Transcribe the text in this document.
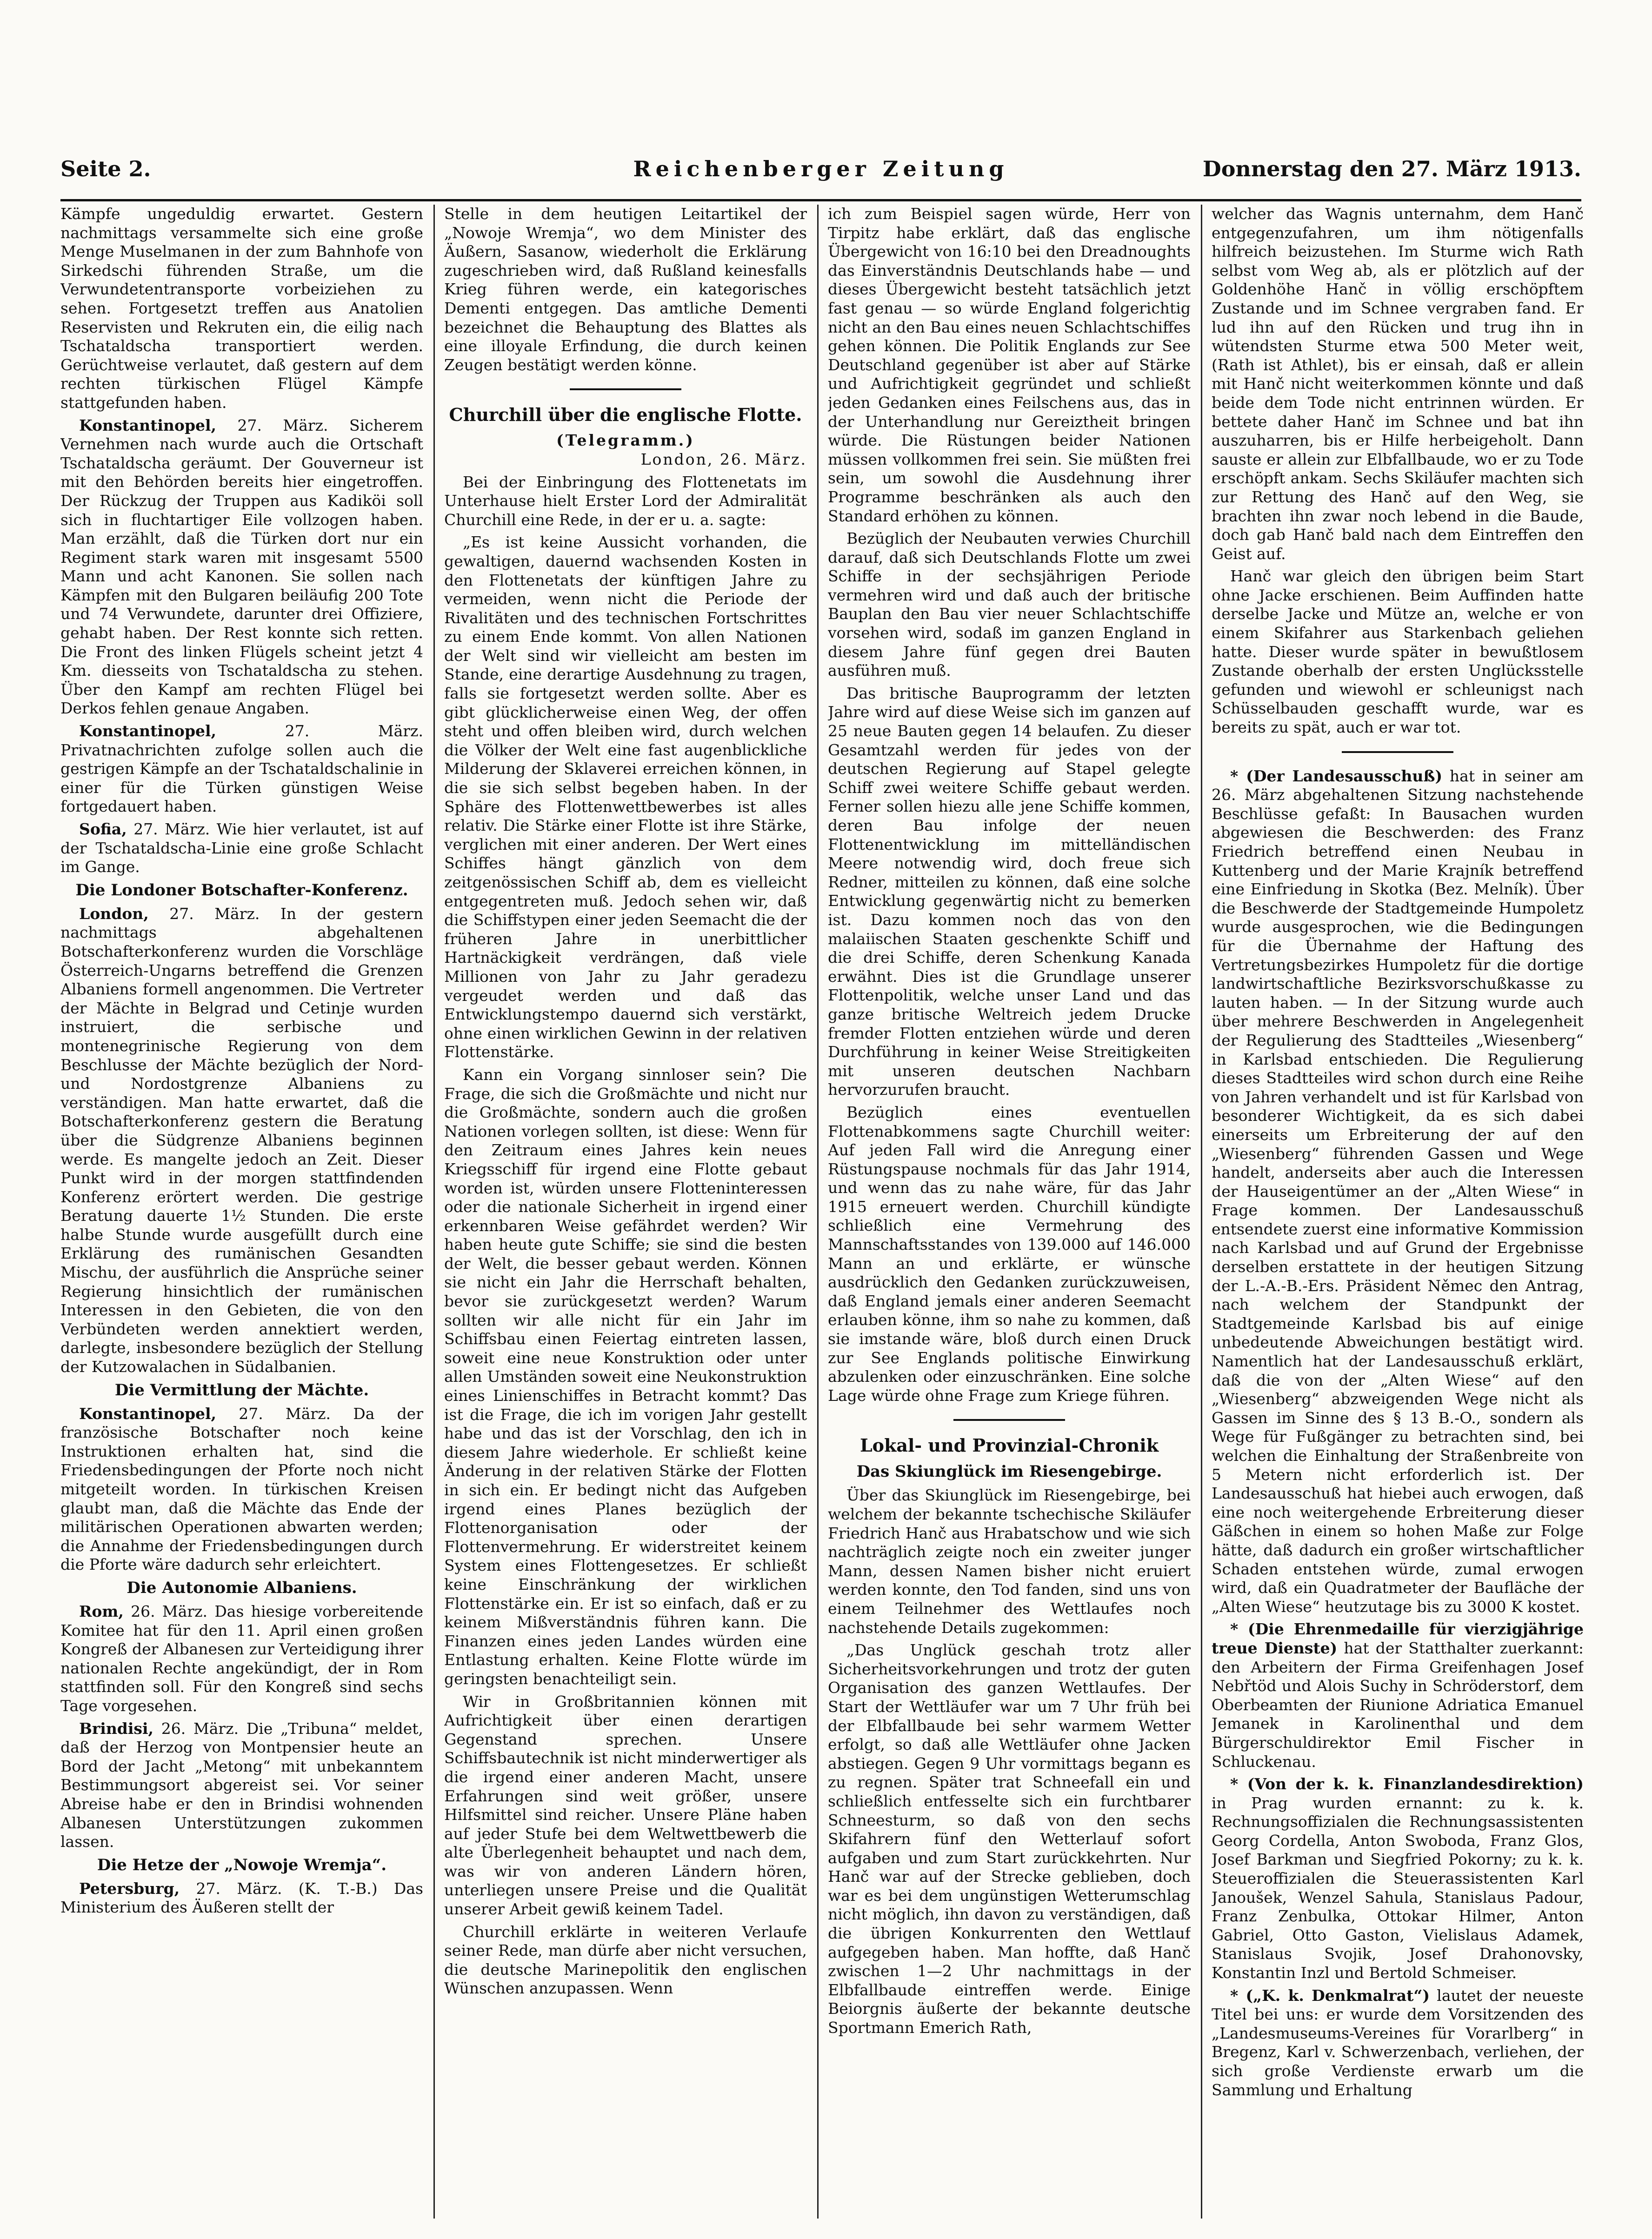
Seite 2.	Reichenberger Zeitung	Donnerstag den 27. März 1913.

Kämpfe ungeduldig erwartet. Gestern nachmittags versammelte sich eine große Menge Muselmanen in der zum Bahnhofe von Sirkedschi führenden Straße, um die Verwundetentransporte vorbeiziehen zu sehen. Fortgesetzt treffen aus Anatolien Reservisten und Rekruten ein, die eilig nach Tschataldscha transportiert werden. Gerüchtweise verlautet, daß gestern auf dem rechten türkischen Flügel Kämpfe stattgefunden haben.

Konstantinopel, 27. März. Sicherem Vernehmen nach wurde auch die Ortschaft Tschataldscha geräumt. Der Gouverneur ist mit den Behörden bereits hier eingetroffen. Der Rückzug der Truppen aus Kadiköi soll sich in fluchtartiger Eile vollzogen haben. Man erzählt, daß die Türken dort nur ein Regiment stark waren mit insgesamt 5500 Mann und acht Kanonen. Sie sollen nach Kämpfen mit den Bulgaren beiläufig 200 Tote und 74 Verwundete, darunter drei Offiziere, gehabt haben. Der Rest konnte sich retten. Die Front des linken Flügels scheint jetzt 4 Km. diesseits von Tschataldscha zu stehen. Über den Kampf am rechten Flügel bei Derkos fehlen genaue Angaben.

Konstantinopel,	27. März. Privatnachrichten zufolge sollen auch die gestrigen Kämpfe an der Tschataldschalinie in einer für die Türken günstigen Weise fortgedauert haben.

Sofia, 27. März. Wie hier verlautet, ist auf der Tschataldscha-Linie eine große Schlacht im Gange.

Die Londoner Botschafter-Konferenz.

London, 27. März. In der gestern nachmittags abgehaltenen Botschafterkonferenz wurden die Vorschläge Österreich-Ungarns betreffend die Grenzen Albaniens formell angenommen. Die Vertreter der Mächte in Belgrad und Cetinje wurden instruiert, die serbische und montenegrinische Regierung von dem Beschlusse der Mächte bezüglich der Nord- und Nordostgrenze Albaniens zu verständigen. Man hatte erwartet, daß die Botschafterkonferenz gestern die Beratung über die Südgrenze Albaniens beginnen werde. Es mangelte jedoch an Zeit. Dieser Punkt wird in der morgen stattfindenden Konferenz erörtert werden. Die gestrige Beratung dauerte 1½ Stunden. Die erste halbe Stunde wurde ausgefüllt durch eine Erklärung des rumänischen Gesandten Mischu, der ausführlich die Ansprüche seiner Regierung hinsichtlich der rumänischen Interessen in den Gebieten, die von den Verbündeten werden annektiert werden, darlegte, insbesondere bezüglich der Stellung der Kutzowalachen in Südalbanien.

Die Vermittlung der Mächte.

Konstantinopel, 27. März. Da der französische Botschafter noch keine Instruktionen erhalten hat, sind die Friedensbedingungen der Pforte noch nicht mitgeteilt worden. In türkischen Kreisen glaubt man, daß die Mächte das Ende der militärischen Operationen abwarten werden; die Annahme der Friedensbedingungen durch die Pforte wäre dadurch sehr erleichtert.

Die Autonomie Albaniens.

Rom, 26. März. Das hiesige vorbereitende Komitee hat für den 11. April einen großen Kongreß der Albanesen zur Verteidigung ihrer nationalen Rechte angekündigt, der in Rom stattfinden soll. Für den Kongreß sind sechs Tage vorgesehen.

Brindisi, 26. März. Die „Tribuna“ meldet, daß der Herzog von Montpensier heute an Bord der Jacht „Metong“ mit unbekanntem Bestimmungsort abgereist sei. Vor seiner Abreise habe er den in Brindisi wohnenden Albanesen Unterstützungen zukommen lassen.

Die Hetze der „Nowoje Wremja“.

Petersburg, 27. März. (K. T.-B.) Das Ministerium des Äußeren stellt der

Stelle in dem heutigen Leitartikel der „Nowoje Wremja“, wo dem Minister des Äußern, Sasanow, wiederholt die Erklärung zugeschrieben wird, daß Rußland keinesfalls Krieg führen werde, ein kategorisches Dementi entgegen. Das amtliche Dementi bezeichnet die Behauptung des Blattes als eine illoyale Erfindung, die durch keinen Zeugen bestätigt werden könne.

Churchill über die englische Flotte.

(Telegramm.)

London, 26. März.

Bei der Einbringung des Flottenetats im Unterhause hielt Erster Lord der Admiralität Churchill eine Rede, in der er u. a. sagte:

„Es ist keine Aussicht vorhanden, die gewaltigen, dauernd wachsenden Kosten in den Flottenetats der künftigen Jahre zu vermeiden, wenn nicht die Periode der Rivalitäten und des technischen Fortschrittes zu einem Ende kommt. Von allen Nationen der Welt sind wir vielleicht am besten im Stande, eine derartige Ausdehnung zu tragen, falls sie fortgesetzt werden sollte. Aber es gibt glücklicherweise einen Weg, der offen steht und offen bleiben wird, durch welchen die Völker der Welt eine fast augenblickliche Milderung der Sklaverei erreichen können, in die sie sich selbst begeben haben. In der Sphäre des Flottenwettbewerbes ist alles relativ. Die Stärke einer Flotte ist ihre Stärke, verglichen mit einer anderen. Der Wert eines Schiffes hängt gänzlich von dem zeitgenössischen Schiff ab, dem es vielleicht entgegentreten muß. Jedoch sehen wir, daß die Schiffstypen einer jeden Seemacht die der früheren Jahre in unerbittlicher Hartnäckigkeit verdrängen, daß viele Millionen von Jahr zu Jahr geradezu vergeudet werden und daß das Entwicklungstempo dauernd sich verstärkt, ohne einen wirklichen Gewinn in der relativen Flottenstärke.

Kann ein Vorgang sinnloser sein? Die Frage, die sich die Großmächte und nicht nur die Großmächte, sondern auch die großen Nationen vorlegen sollten, ist diese: Wenn für den Zeitraum eines Jahres kein neues Kriegsschiff für irgend eine Flotte gebaut worden ist, würden unsere Flotteninteressen oder die nationale Sicherheit in irgend einer erkennbaren Weise gefährdet werden? Wir haben heute gute Schiffe; sie sind die besten der Welt, die besser gebaut werden. Können sie nicht ein Jahr die Herrschaft behalten, bevor sie zurückgesetzt werden? Warum sollten wir alle nicht für ein Jahr im Schiffsbau einen Feiertag eintreten lassen, soweit eine neue Konstruktion oder unter allen Umständen soweit eine Neukonstruktion eines Linienschiffes in Betracht kommt? Das ist die Frage, die ich im vorigen Jahr gestellt habe und das ist der Vorschlag, den ich in diesem Jahre wiederhole. Er schließt keine Änderung in der relativen Stärke der Flotten in sich ein. Er bedingt nicht das Aufgeben irgend eines Planes bezüglich der Flottenorganisation oder der Flottenvermehrung. Er widerstreitet keinem System eines Flottengesetzes. Er schließt keine Einschränkung der wirklichen Flottenstärke ein. Er ist so einfach, daß er zu keinem Mißverständnis führen kann. Die Finanzen eines jeden Landes würden eine Entlastung erhalten. Keine Flotte würde im geringsten benachteiligt sein.

Wir in Großbritannien können mit Aufrichtigkeit über einen derartigen Gegenstand sprechen. Unsere Schiffsbautechnik ist nicht minderwertiger als die irgend einer anderen Macht, unsere Erfahrungen sind weit größer, unsere Hilfsmittel sind reicher. Unsere Pläne haben auf jeder Stufe bei dem Weltwettbewerb die alte Überlegenheit behauptet und nach dem, was wir von anderen Ländern hören, unterliegen unsere Preise und die Qualität unserer Arbeit gewiß keinem Tadel.

Churchill erklärte in weiteren Verlaufe seiner Rede, man dürfe aber nicht versuchen, die deutsche Marinepolitik den englischen Wünschen anzupassen. Wenn

ich zum Beispiel sagen würde, Herr von Tirpitz habe erklärt, daß das englische Übergewicht von 16:10 bei den Dreadnoughts das Einverständnis Deutschlands habe — und dieses Übergewicht besteht tatsächlich jetzt fast genau — so würde England folgerichtig nicht an den Bau eines neuen Schlachtschiffes gehen können. Die Politik Englands zur See Deutschland gegenüber ist aber auf Stärke und Aufrichtigkeit gegründet und schließt jeden Gedanken eines Feilschens aus, das in der Unterhandlung nur Gereiztheit bringen würde. Die Rüstungen beider Nationen müssen vollkommen frei sein. Sie müßten frei sein, um sowohl die Ausdehnung ihrer Programme beschränken als auch den Standard erhöhen zu können.

Bezüglich der Neubauten verwies Churchill darauf, daß sich Deutschlands Flotte um zwei Schiffe in der sechsjährigen Periode vermehren wird und daß auch der britische Bauplan den Bau vier neuer Schlachtschiffe vorsehen wird, sodaß im ganzen England in diesem Jahre fünf gegen drei Bauten ausführen muß.

Das britische Bauprogramm der letzten Jahre wird auf diese Weise sich im ganzen auf 25 neue Bauten gegen 14 belaufen. Zu dieser Gesamtzahl werden für jedes von der deutschen Regierung auf Stapel gelegte Schiff zwei weitere Schiffe gebaut werden. Ferner sollen hiezu alle jene Schiffe kommen, deren Bau infolge der neuen Flottenentwicklung im mittelländischen Meere notwendig wird, doch freue sich Redner, mitteilen zu können, daß eine solche Entwicklung gegenwärtig nicht zu bemerken ist. Dazu kommen noch das von den malaiischen Staaten geschenkte Schiff und die drei Schiffe, deren Schenkung Kanada erwähnt. Dies ist die Grundlage unserer Flottenpolitik, welche unser Land und das ganze britische Weltreich jedem Drucke fremder Flotten entziehen würde und deren Durchführung in keiner Weise Streitigkeiten mit unseren deutschen Nachbarn hervorzurufen braucht.

Bezüglich eines eventuellen Flottenabkommens sagte Churchill weiter: Auf jeden Fall wird die Anregung einer Rüstungspause nochmals für das Jahr 1914, und wenn das zu nahe wäre, für das Jahr 1915 erneuert werden. Churchill kündigte schließlich eine Vermehrung des Mannschaftsstandes von 139.000 auf 146.000 Mann an und erklärte, er wünsche ausdrücklich den Gedanken zurückzuweisen, daß England jemals einer anderen Seemacht erlauben könne, ihm so nahe zu kommen, daß sie imstande wäre, bloß durch einen Druck zur See Englands politische Einwirkung abzulenken oder einzuschränken. Eine solche Lage würde ohne Frage zum Kriege führen.

Lokal- und Provinzial-Chronik
Das Skiunglück im Riesengebirge.

Über das Skiunglück im Riesengebirge, bei welchem der bekannte tschechische Skiläufer Friedrich Hanč aus Hrabatschow und wie sich nachträglich zeigte noch ein zweiter junger Mann, dessen Namen bisher nicht eruiert werden konnte, den Tod fanden, sind uns von einem Teilnehmer des Wettlaufes noch nachstehende Details zugekommen:

„Das Unglück geschah trotz aller Sicherheitsvorkehrungen und trotz der guten Organisation des ganzen Wettlaufes. Der Start der Wettläufer war um 7 Uhr früh bei der Elbfallbaude bei sehr warmem Wetter erfolgt, so daß alle Wettläufer ohne Jacken abstiegen. Gegen 9 Uhr vormittags begann es zu regnen. Später trat Schneefall ein und schließlich entfesselte sich ein furchtbarer Schneesturm, so daß von den sechs Skifahrern fünf den Wetterlauf sofort aufgaben und zum Start zurückkehrten. Nur Hanč war auf der Strecke geblieben, doch war es bei dem ungünstigen Wetterumschlag nicht möglich, ihn davon zu verständigen, daß die übrigen Konkurrenten den Wettlauf aufgegeben haben. Man hoffte, daß Hanč zwischen 1—2 Uhr nachmittags in der Elbfallbaude eintreffen werde. Einige Beiorgnis äußerte der bekannte deutsche Sportmann Emerich Rath,

welcher das Wagnis unternahm, dem Hanč entgegenzufahren, um ihm nötigenfalls hilfreich beizustehen. Im Sturme wich Rath selbst vom Weg ab, als er plötzlich auf der Goldenhöhe Hanč in völlig erschöpftem Zustande und im Schnee vergraben fand. Er lud ihn auf den Rücken und trug ihn in wütendsten Sturme etwa 500 Meter weit, (Rath ist Athlet), bis er einsah, daß er allein mit Hanč nicht weiterkommen könnte und daß beide dem Tode nicht entrinnen würden. Er bettete daher Hanč im Schnee und bat ihn auszuharren, bis er Hilfe herbeigeholt. Dann sauste er allein zur Elbfallbaude, wo er zu Tode erschöpft ankam. Sechs Skiläufer machten sich zur Rettung des Hanč auf den Weg, sie brachten ihn zwar noch lebend in die Baude, doch gab Hanč bald nach dem Eintreffen den Geist auf.

Hanč war gleich den übrigen beim Start ohne Jacke erschienen. Beim Auffinden hatte derselbe Jacke und Mütze an, welche er von einem Skifahrer aus Starkenbach geliehen hatte. Dieser wurde später in bewußtlosem Zustande oberhalb der ersten Unglücksstelle gefunden und wiewohl er schleunigst nach Schüsselbauden geschafft wurde, war es bereits zu spät, auch er war tot.

* (Der Landesausschuß) hat in seiner am 26. März abgehaltenen Sitzung nachstehende Beschlüsse gefaßt: In Bausachen wurden abgewiesen die Beschwerden: des Franz Friedrich betreffend einen Neubau in Kuttenberg und der Marie Krajník betreffend eine Einfriedung in Skotka (Bez. Melník). Über die Beschwerde der Stadtgemeinde Humpoletz wurde ausgesprochen, wie die Bedingungen für die Übernahme der Haftung des Vertretungsbezirkes Humpoletz für die dortige landwirtschaftliche Bezirksvorschußkasse zu lauten haben. — In der Sitzung wurde auch über mehrere Beschwerden in Angelegenheit der Regulierung des Stadtteiles „Wiesenberg“ in Karlsbad entschieden. Die Regulierung dieses Stadtteiles wird schon durch eine Reihe von Jahren verhandelt und ist für Karlsbad von besonderer Wichtigkeit, da es sich dabei einerseits um Erbreiterung der auf den „Wiesenberg“ führenden Gassen und Wege handelt, anderseits aber auch die Interessen der Hauseigentümer an der „Alten Wiese“ in Frage kommen. Der Landesausschuß entsendete zuerst eine informative Kommission nach Karlsbad und auf Grund der Ergebnisse derselben erstattete in der heutigen Sitzung der L.-A.-B.-Ers. Präsident Němec den Antrag, nach welchem der Standpunkt der Stadtgemeinde Karlsbad bis auf einige unbedeutende Abweichungen bestätigt wird. Namentlich hat der Landesausschuß erklärt, daß die von der „Alten Wiese“ auf den „Wiesenberg“ abzweigenden Wege nicht als Gassen im Sinne des § 13 B.-O., sondern als Wege für Fußgänger zu betrachten sind, bei welchen die Einhaltung der Straßenbreite von 5 Metern nicht erforderlich ist. Der Landesausschuß hat hiebei auch erwogen, daß eine noch weitergehende Erbreiterung dieser Gäßchen in einem so hohen Maße zur Folge hätte, daß dadurch ein großer wirtschaftlicher Schaden entstehen würde, zumal erwogen wird, daß ein Quadratmeter der Baufläche der „Alten Wiese“ heutzutage bis zu 3000 K kostet.

* (Die Ehrenmedaille für vierzigjährige treue Dienste) hat der Statthalter zuerkannt: den Arbeitern der Firma Greifenhagen Josef Nebřtöd und Alois Suchy in Schröderstorf, dem Oberbeamten der Riunione Adriatica Emanuel Jemanek in Karolinenthal und dem Bürgerschuldirektor Emil Fischer in Schluckenau.

* (Von der k. k. Finanzlandesdirektion) in Prag wurden ernannt: zu k. k. Rechnungsoffizialen die Rechnungsassistenten Georg Cordella, Anton Swoboda, Franz Glos, Josef Barkman und Siegfried Pokorny; zu k. k. Steueroffizialen die Steuerassistenten Karl Janoušek, Wenzel Sahula, Stanislaus Padour, Franz Zenbulka, Ottokar Hilmer, Anton Gabriel, Otto Gaston, Vielislaus Adamek, Stanislaus Svojik, Josef Drahonovsky, Konstantin Inzl und Bertold Schmeiser.

* („K. k. Denkmalrat“) lautet der neueste Titel bei uns: er wurde dem Vorsitzenden des „Landesmuseums-Vereines für Vorarlberg“ in Bregenz, Karl v. Schwerzenbach, verliehen, der sich große Verdienste erwarb um die Sammlung und Erhaltung
